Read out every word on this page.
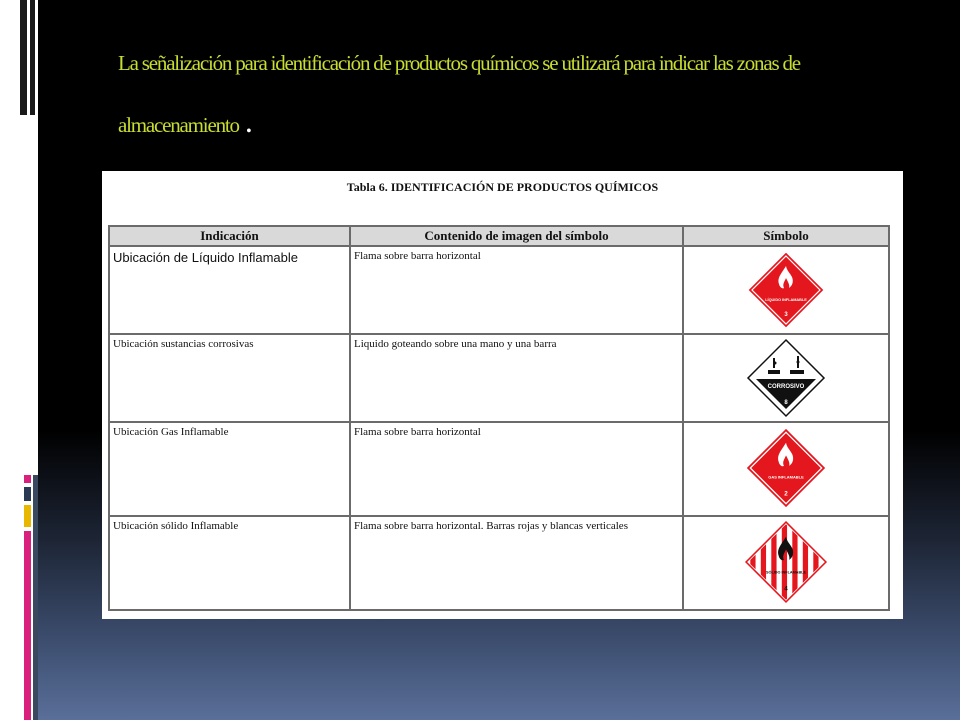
La señalización para identificación de productos químicos se utilizará para indicar las zonas de almacenamiento .

Tabla 6. IDENTIFICACIÓN DE PRODUCTOS QUÍMICOS
Indicación	Contenido de imagen del símbolo	Símbolo
Ubicación de Líquido Inflamable	Flama sobre barra horizontal	LÍQUIDO INFLAMABLE
3

Ubicación sustancias corrosivas	Liquido goteando sobre una mano y una barra	CORROSIVO
8

Ubicación Gas Inflamable	Flama sobre barra horizontal	GAS INFLAMABLE
2

Ubicación sólido Inflamable	Flama sobre barra horizontal. Barras rojas y blancas verticales	SÓLIDO INFLAMABLE
4
